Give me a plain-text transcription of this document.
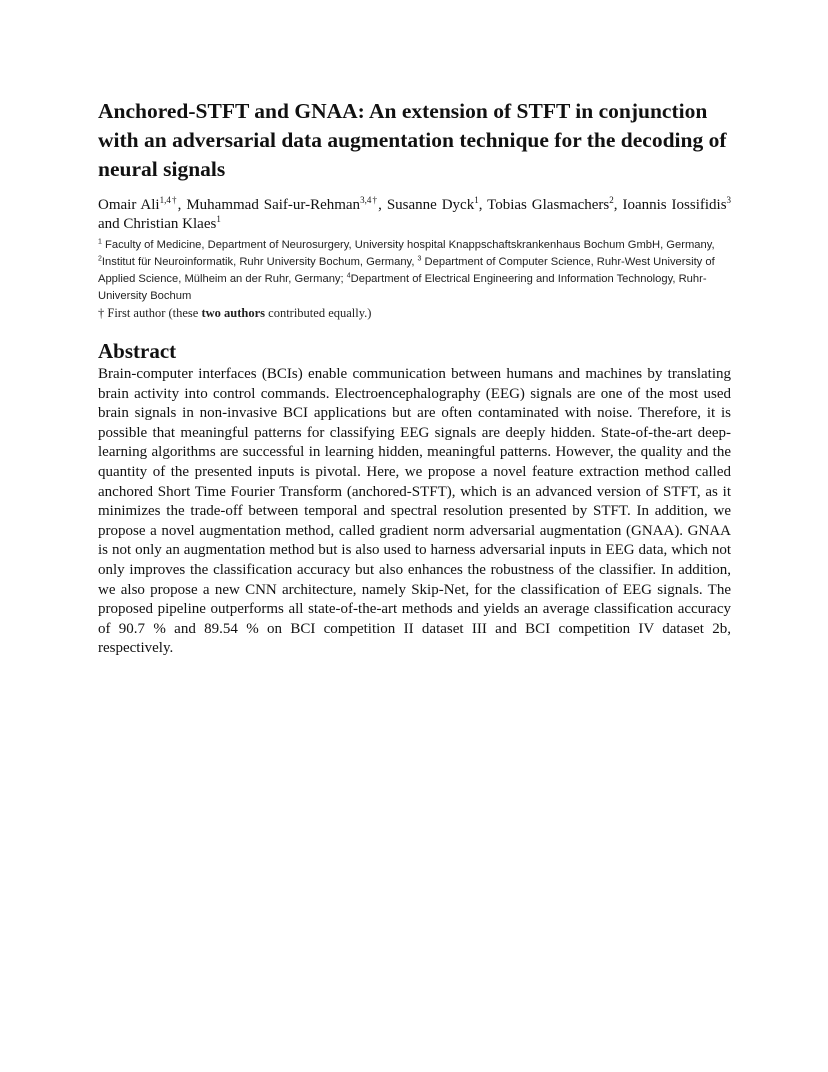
Anchored-STFT and GNAA: An extension of STFT in conjunction with an adversarial data augmentation technique for the decoding of neural signals
Omair Ali$^{1,4\dagger}$, Muhammad Saif-ur-Rehman$^{3,4\dagger}$, Susanne Dyck$^1$, Tobias Glasmachers$^2$, Ioannis Iossifidis$^3$ and Christian Klaes$^1$
$^1$ Faculty of Medicine, Department of Neurosurgery, University hospital Knappschaftskrankenhaus Bochum GmbH, Germany, $^2$Institut für Neuroinformatik, Ruhr University Bochum, Germany, $^3$ Department of Computer Science, Ruhr-West University of Applied Science, Mülheim an der Ruhr, Germany; $^4$Department of Electrical Engineering and Information Technology, Ruhr-University Bochum
† First author (these two authors contributed equally.)
Abstract

Brain-computer interfaces (BCIs) enable communication between humans and machines by translating brain activity into control commands. Electroencephalography (EEG) signals are one of the most used brain signals in non-invasive BCI applications but are often contaminated with noise. Therefore, it is possible that meaningful patterns for classifying EEG signals are deeply hidden. State-of-the-art deep-learning algorithms are successful in learning hidden, meaningful patterns. However, the quality and the quantity of the presented inputs is pivotal. Here, we propose a novel feature extraction method called anchored Short Time Fourier Transform (anchored-STFT), which is an advanced version of STFT, as it minimizes the trade-off between temporal and spectral resolution presented by STFT. In addition, we propose a novel augmentation method, called gradient norm adversarial augmentation (GNAA). GNAA is not only an augmentation method but is also used to harness adversarial inputs in EEG data, which not only improves the classification accuracy but also enhances the robustness of the classifier. In addition, we also propose a new CNN architecture, namely Skip-Net, for the classification of EEG signals. The proposed pipeline outperforms all state-of-the-art methods and yields an average classification accuracy of 90.7 % and 89.54 % on BCI competition II dataset III and BCI competition IV dataset 2b, respectively.
